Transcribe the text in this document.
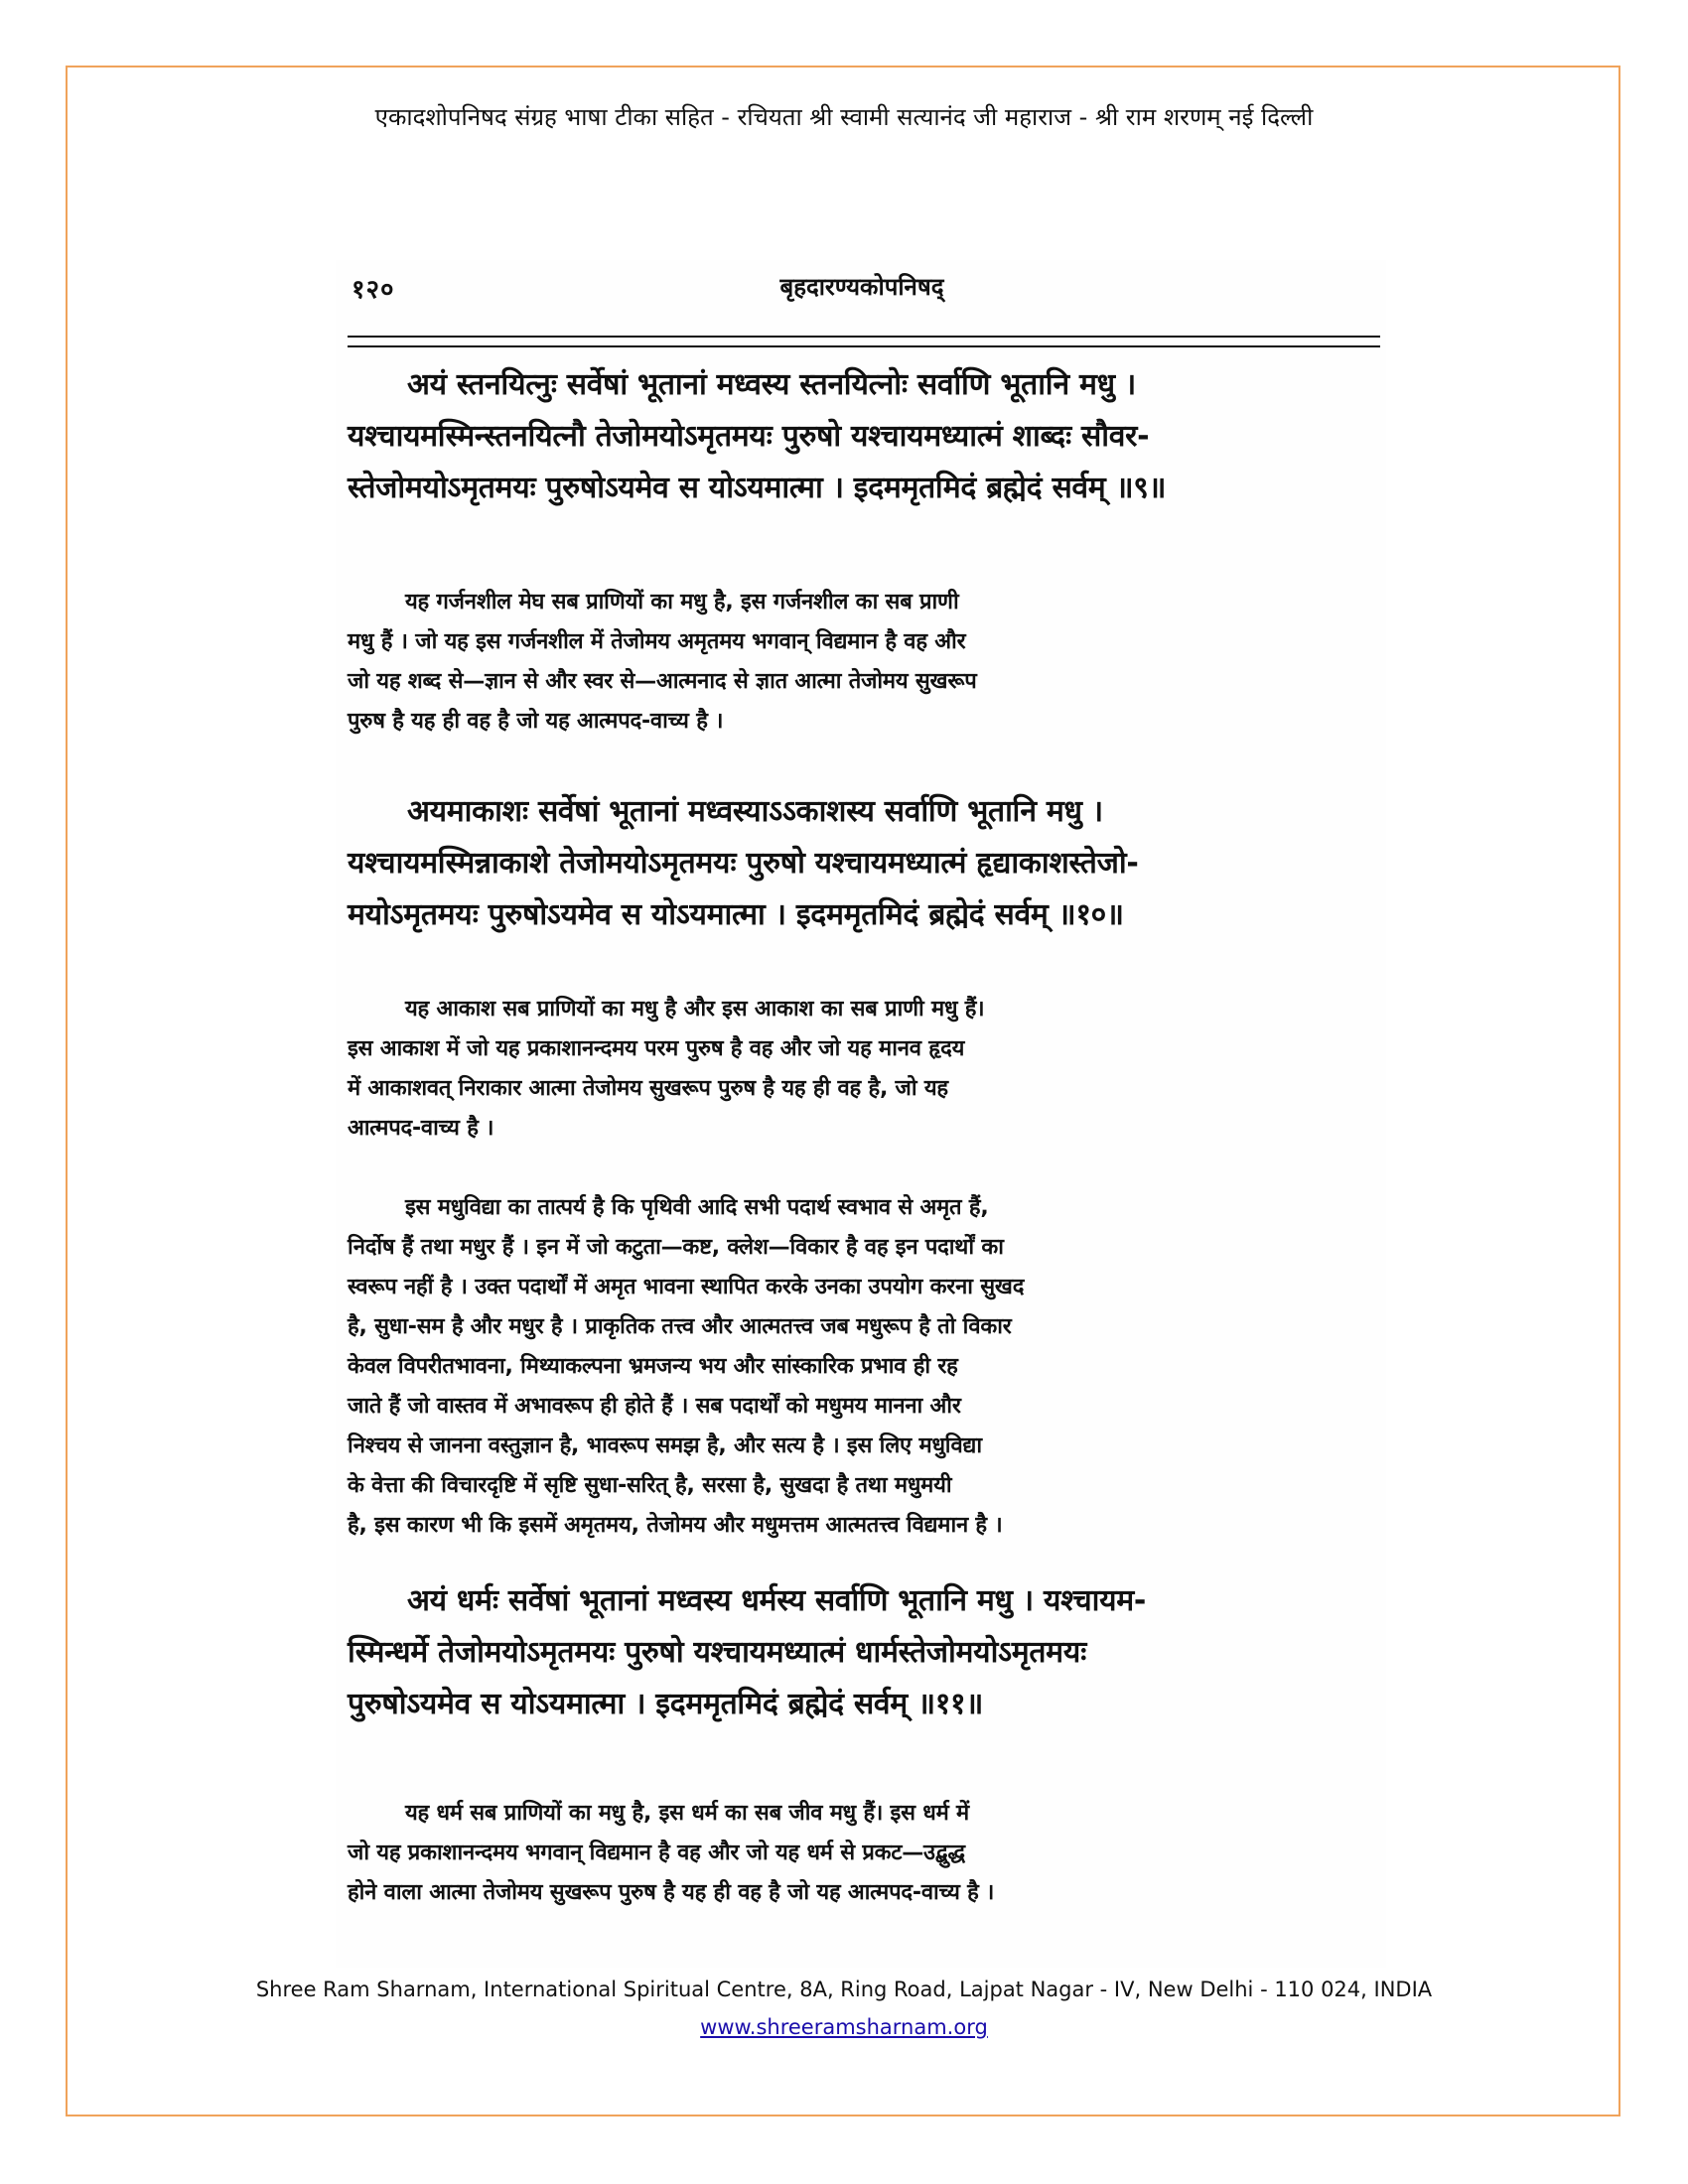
एकादशोपनिषद संग्रह भाषा टीका सहित - रचियता श्री स्वामी सत्यानंद जी महाराज - श्री राम शरणम् नई दिल्ली
१२०	बृहदारण्यकोपनिषद्
अयं स्तनयित्नुः सर्वेषां भूतानां मध्वस्य स्तनयित्नोः सर्वाणि भूतानि मधु ।
यश्चायमस्मिन्स्तनयित्नौ तेजोमयोऽमृतमयः पुरुषो यश्चायमध्यात्मं शाब्दः सौवर-
स्तेजोमयोऽमृतमयः पुरुषोऽयमेव स योऽयमात्मा । इदममृतमिदं ब्रह्मेदं सर्वम् ॥९॥
यह गर्जनशील मेघ सब प्राणियों का मधु है, इस गर्जनशील का सब प्राणी
मधु हैं । जो यह इस गर्जनशील में तेजोमय अमृतमय भगवान् विद्यमान है वह और
जो यह शब्द से—ज्ञान से और स्वर से—आत्मनाद से ज्ञात आत्मा तेजोमय सुखरूप
पुरुष है यह ही वह है जो यह आत्मपद-वाच्य है ।
अयमाकाशः सर्वेषां भूतानां मध्वस्याऽऽकाशस्य सर्वाणि भूतानि मधु ।
यश्चायमस्मिन्नाकाशे तेजोमयोऽमृतमयः पुरुषो यश्चायमध्यात्मं हृद्याकाशस्तेजो-
मयोऽमृतमयः पुरुषोऽयमेव स योऽयमात्मा । इदममृतमिदं ब्रह्मेदं सर्वम् ॥१०॥
यह आकाश सब प्राणियों का मधु है और इस आकाश का सब प्राणी मधु हैं।
इस आकाश में जो यह प्रकाशानन्दमय परम पुरुष है वह और जो यह मानव हृदय
में आकाशवत् निराकार आत्मा तेजोमय सुखरूप पुरुष है यह ही वह है, जो यह
आत्मपद-वाच्य है ।
इस मधुविद्या का तात्पर्य है कि पृथिवी आदि सभी पदार्थ स्वभाव से अमृत हैं,
निर्दोष हैं तथा मधुर हैं । इन में जो कटुता—कष्ट, क्लेश—विकार है वह इन पदार्थों का
स्वरूप नहीं है । उक्त पदार्थों में अमृत भावना स्थापित करके उनका उपयोग करना सुखद
है, सुधा-सम है और मधुर है । प्राकृतिक तत्त्व और आत्मतत्त्व जब मधुरूप है तो विकार
केवल विपरीतभावना, मिथ्याकल्पना भ्रमजन्य भय और सांस्कारिक प्रभाव ही रह
जाते हैं जो वास्तव में अभावरूप ही होते हैं । सब पदार्थों को मधुमय मानना और
निश्चय से जानना वस्तुज्ञान है, भावरूप समझ है, और सत्य है । इस लिए मधुविद्या
के वेत्ता की विचारदृष्टि में सृष्टि सुधा-सरित् है, सरसा है, सुखदा है तथा मधुमयी
है, इस कारण भी कि इसमें अमृतमय, तेजोमय और मधुमत्तम आत्मतत्त्व विद्यमान है ।
अयं धर्मः सर्वेषां भूतानां मध्वस्य धर्मस्य सर्वाणि भूतानि मधु । यश्चायम-
स्मिन्धर्मे तेजोमयोऽमृतमयः पुरुषो यश्चायमध्यात्मं धार्मस्तेजोमयोऽमृतमयः
पुरुषोऽयमेव स योऽयमात्मा । इदममृतमिदं ब्रह्मेदं सर्वम् ॥११॥
यह धर्म सब प्राणियों का मधु है, इस धर्म का सब जीव मधु हैं। इस धर्म में
जो यह प्रकाशानन्दमय भगवान् विद्यमान है वह और जो यह धर्म से प्रकट—उद्बुद्ध
होने वाला आत्मा तेजोमय सुखरूप पुरुष है यह ही वह है जो यह आत्मपद-वाच्य है ।
Shree Ram Sharnam, International Spiritual Centre, 8A, Ring Road, Lajpat Nagar - IV, New Delhi - 110 024, INDIA
www.shreeramsharnam.org
